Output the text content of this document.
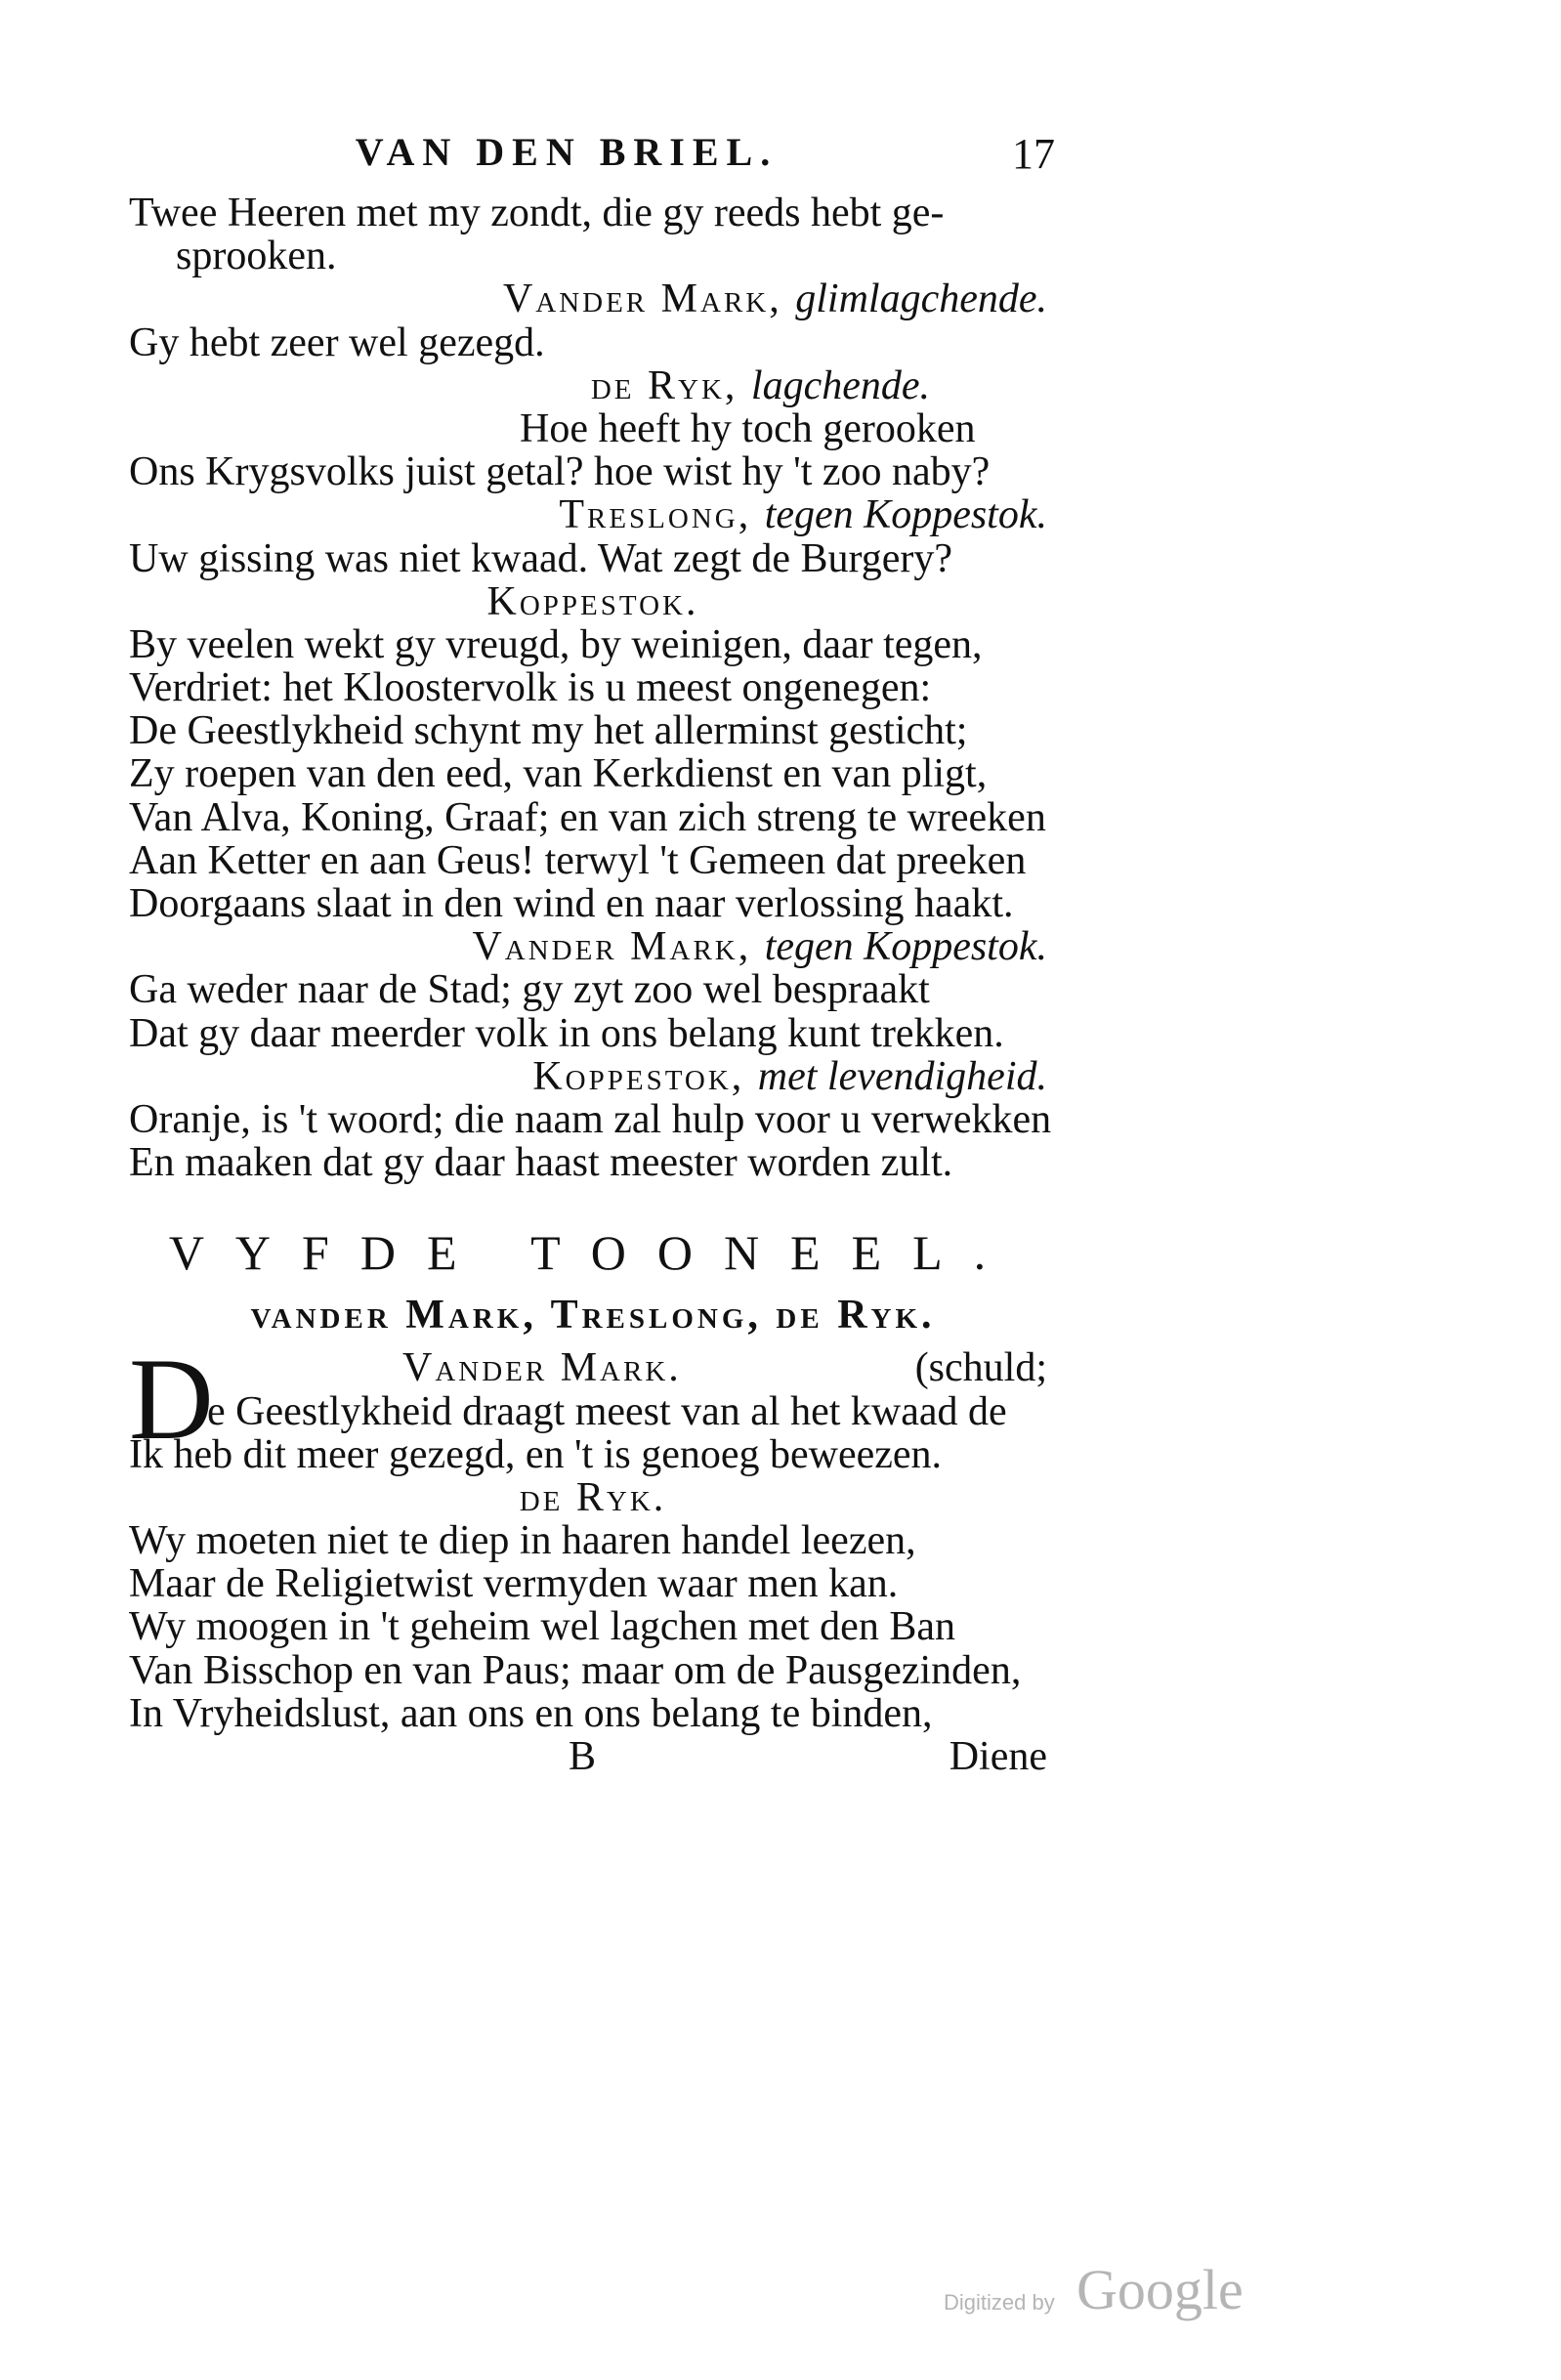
VAN DEN BRIEL.	17
Twee Heeren met my zondt, die gy reeds hebt ge-
sprooken.
Vander Mark, glimlagchende.
Gy hebt zeer wel gezegd.
de Ryk, lagchende.
Hoe heeft hy toch gerooken
Ons Krygsvolks juist getal? hoe wist hy 't zoo naby?
Treslong, tegen Koppestok.
Uw gissing was niet kwaad. Wat zegt de Burgery?
Koppestok.
By veelen wekt gy vreugd, by weinigen, daar tegen,
Verdriet: het Kloostervolk is u meest ongenegen:
De Geestlykheid schynt my het allerminst gesticht;
Zy roepen van den eed, van Kerkdienst en van pligt,
Van Alva, Koning, Graaf; en van zich streng te wreeken
Aan Ketter en aan Geus! terwyl 't Gemeen dat preeken
Doorgaans slaat in den wind en naar verlossing haakt.
Vander Mark, tegen Koppestok.
Ga weder naar de Stad; gy zyt zoo wel bespraakt
Dat gy daar meerder volk in ons belang kunt trekken.
Koppestok, met levendigheid.
Oranje, is 't woord; die naam zal hulp voor u verwekken
En maaken dat gy daar haast meester worden zult.
VYFDE TOONEEL.
vander Mark, Treslong, de Ryk.
D	Vander Mark.	(schuld;
e Geestlykheid draagt meest van al het kwaad de
Ik heb dit meer gezegd, en 't is genoeg beweezen.
de Ryk.
Wy moeten niet te diep in haaren handel leezen,
Maar de Religietwist vermyden waar men kan.
Wy moogen in 't geheim wel lagchen met den Ban
Van Bisschop en van Paus; maar om de Pausgezinden,
In Vryheidslust, aan ons en ons belang te binden,
B	Diene
Digitized by Google
